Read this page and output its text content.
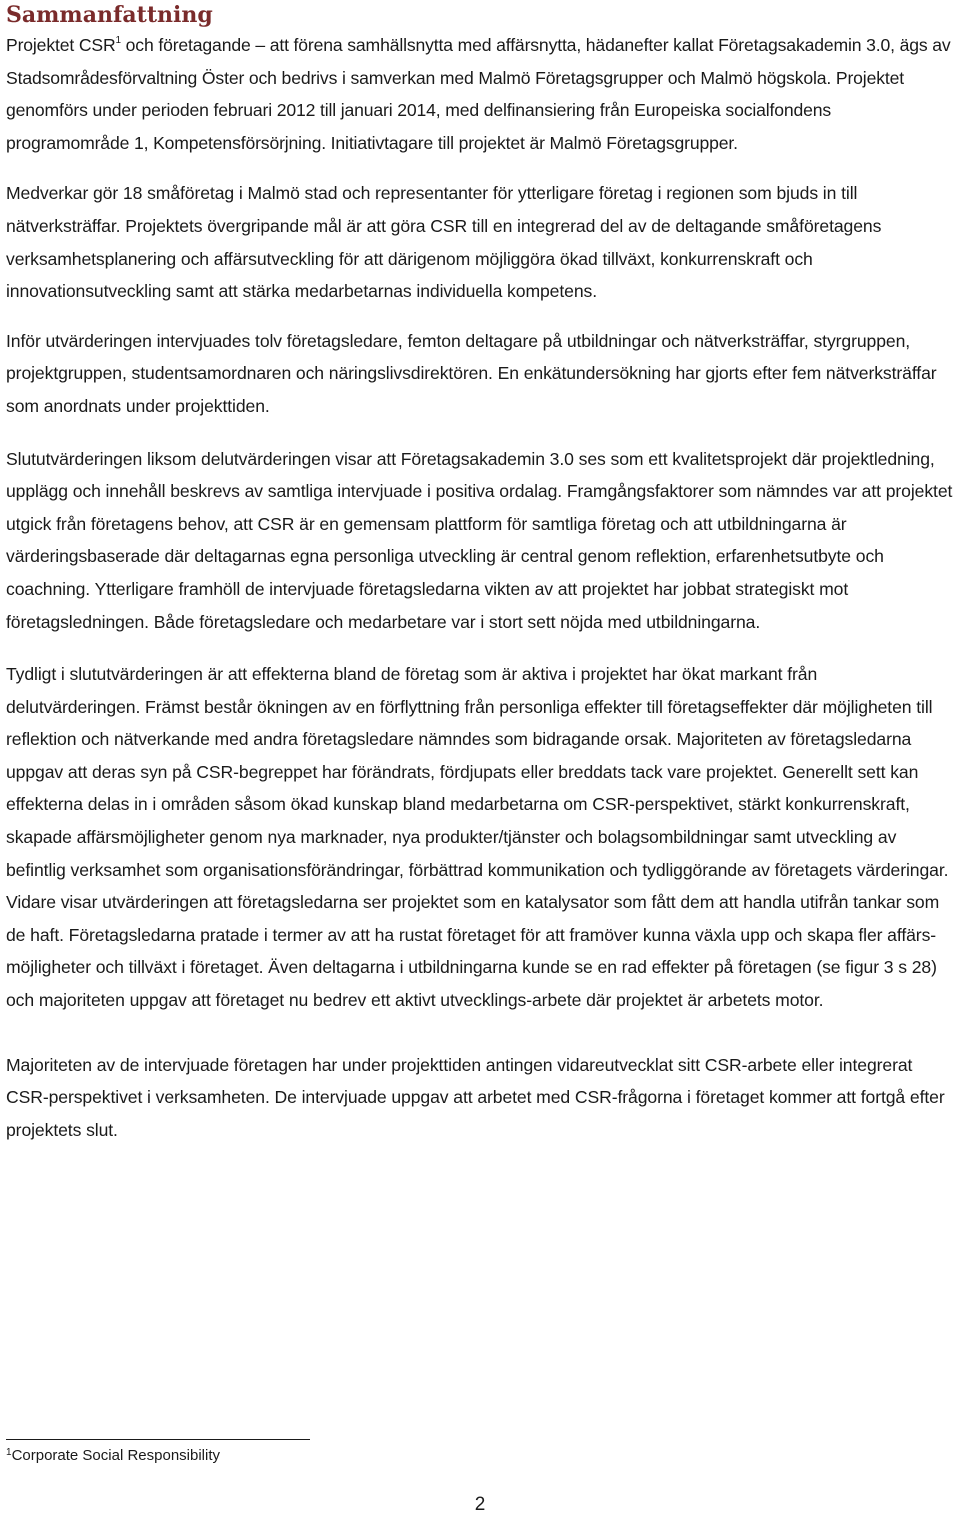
Sammanfattning

Projektet CSR$^1$ och företagande – att förena samhällsnytta med affärsnytta, hädanefter kallat Företagsakademin 3.0, ägs av Stadsområdesförvaltning Öster och bedrivs i samverkan med Malmö Företagsgrupper och Malmö högskola. Projektet genomförs under perioden februari 2012 till januari 2014, med delfinansiering från Europeiska socialfondens programområde 1, Kompetensförsörjning. Initiativtagare till projektet är Malmö Företagsgrupper.

Medverkar gör 18 småföretag i Malmö stad och representanter för ytterligare företag i regionen som bjuds in till nätverksträffar. Projektets övergripande mål är att göra CSR till en integrerad del av de deltagande småföretagens verksamhetsplanering och affärsutveckling för att därigenom möjliggöra ökad tillväxt, konkurrenskraft och innovationsutveckling samt att stärka medarbetarnas individuella kompetens.

Inför utvärderingen intervjuades tolv företagsledare, femton deltagare på utbildningar och nätverksträffar, styrgruppen, projektgruppen, studentsamordnaren och näringslivsdirektören. En enkätundersökning har gjorts efter fem nätverksträffar som anordnats under projekttiden.

Slututvärderingen liksom delutvärderingen visar att Företagsakademin 3.0 ses som ett kvalitetsprojekt där projektledning, upplägg och innehåll beskrevs av samtliga intervjuade i positiva ordalag. Framgångsfaktorer som nämndes var att projektet utgick från företagens behov, att CSR är en gemensam plattform för samtliga företag och att utbildningarna är värderingsbaserade där deltagarnas egna personliga utveckling är central genom reflektion, erfarenhetsutbyte och coachning. Ytterligare framhöll de intervjuade företagsledarna vikten av att projektet har jobbat strategiskt mot företagsledningen. Både företagsledare och medarbetare var i stort sett nöjda med utbildningarna.

Tydligt i slututvärderingen är att effekterna bland de företag som är aktiva i projektet har ökat markant från delutvärderingen. Främst består ökningen av en förflyttning från personliga effekter till företagseffekter där möjligheten till reflektion och nätverkande med andra företagsledare nämndes som bidragande orsak. Majoriteten av företagsledarna uppgav att deras syn på CSR-begreppet har förändrats, fördjupats eller breddats tack vare projektet. Generellt sett kan effekterna delas in i områden såsom ökad kunskap bland medarbetarna om CSR-perspektivet, stärkt konkurrenskraft, skapade affärsmöjligheter genom nya marknader, nya produkter/tjänster och bolagsombildningar samt utveckling av befintlig verksamhet som organisationsförändringar, förbättrad kommunikation och tydliggörande av företagets värderingar. Vidare visar utvärderingen att företagsledarna ser projektet som en katalysator som fått dem att handla utifrån tankar som de haft. Företagsledarna pratade i termer av att ha rustat företaget för att framöver kunna växla upp och skapa fler affärs-möjligheter och tillväxt i företaget. Även deltagarna i utbildningarna kunde se en rad effekter på företagen (se figur 3 s 28) och majoriteten uppgav att företaget nu bedrev ett aktivt utvecklings-arbete där projektet är arbetets motor.

Majoriteten av de intervjuade företagen har under projekttiden antingen vidareutvecklat sitt CSR-arbete eller integrerat CSR-perspektivet i verksamheten. De intervjuade uppgav att arbetet med CSR-frågorna i företaget kommer att fortgå efter projektets slut.

$^1$Corporate Social Responsibility
2
